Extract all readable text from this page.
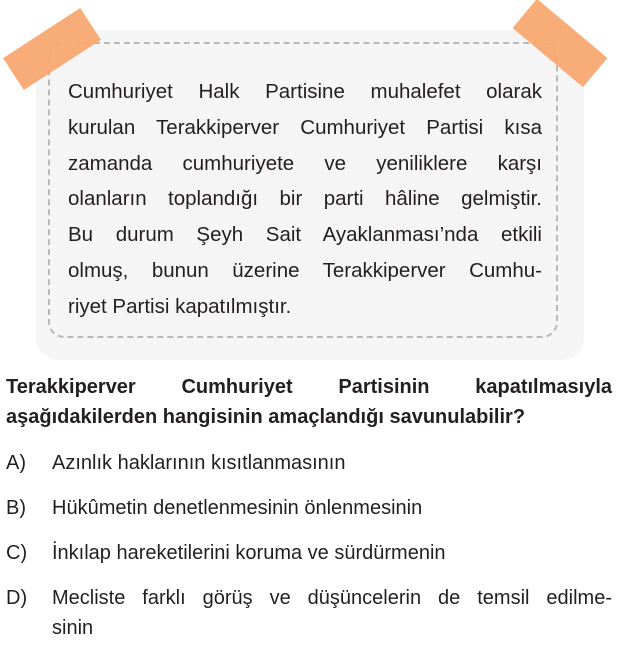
Cumhuriyet Halk Partisine muhalefet olarak
kurulan Terakkiperver Cumhuriyet Partisi kısa
zamanda cumhuriyete ve yeniliklere karşı
olanların toplandığı bir parti hâline gelmiştir.
Bu durum Şeyh Sait Ayaklanması’nda etkili
olmuş, bunun üzerine Terakkiperver Cumhu-
riyet Partisi kapatılmıştır.

Terakkiperver Cumhuriyet Partisinin kapatılmasıyla
aşağıdakilerden hangisinin amaçlandığı savunulabilir?

A) Azınlık haklarının kısıtlanmasının
B) Hükûmetin denetlenmesinin önlenmesinin
C) İnkılap hareketilerini koruma ve sürdürmenin
D) Mecliste farklı görüş ve düşüncelerin de temsil edilme-
sinin
